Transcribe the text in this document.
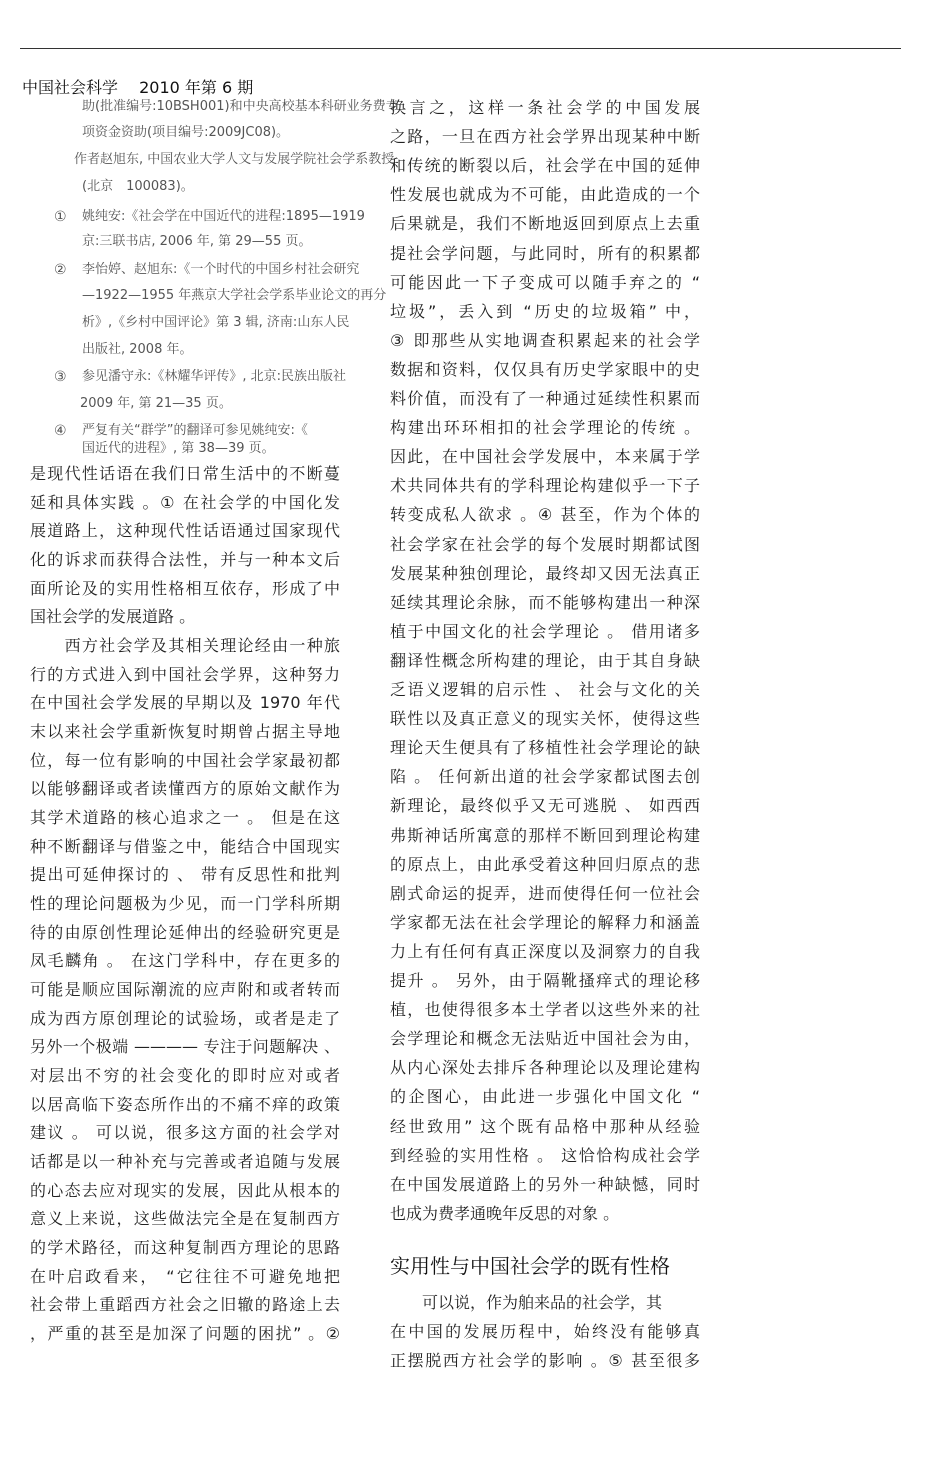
中国社会科学　 2010 年第 6 期
实用性与中国社会学的既有性格
助(批准编号:10BSH001)和中央高校基本科研业务费专
项资金资助(项目编号:2009JC08)。
作者赵旭东, 中国农业大学人文与发展学院社会学系教授
(北京　100083)。
① 姚纯安:《社会学在中国近代的进程:1895—1919
京:三联书店, 2006 年, 第 29—55 页。
② 李怡婷、赵旭东:《一个时代的中国乡村社会研究
—1922—1955 年燕京大学社会学系毕业论文的再分
析》,《乡村中国评论》第 3 辑, 济南:山东人民
出版社, 2008 年。
③ 参见潘守永:《林耀华评传》, 北京:民族出版社
2009 年, 第 21—35 页。
④ 严复有关“群学”的翻译可参见姚纯安:《
国近代的进程》, 第 38—39 页。
是现代性话语在我们日常生活中的不断蔓
延和具体实践 。① 在社会学的中国化发
展道路上，这种现代性话语通过国家现代
化的诉求而获得合法性，并与一种本文后
面所论及的实用性格相互依存，形成了中
国社会学的发展道路 。
　　西方社会学及其相关理论经由一种旅
行的方式进入到中国社会学界，这种努力
在中国社会学发展的早期以及 1970 年代
末以来社会学重新恢复时期曾占据主导地
位，每一位有影响的中国社会学家最初都
以能够翻译或者读懂西方的原始文献作为
其学术道路的核心追求之一 。 但是在这
种不断翻译与借鉴之中，能结合中国现实
提出可延伸探讨的 、 带有反思性和批判
性的理论问题极为少见，而一门学科所期
待的由原创性理论延伸出的经验研究更是
凤毛麟角 。 在这门学科中，存在更多的
可能是顺应国际潮流的应声附和或者转而
成为西方原创理论的试验场，或者是走了
另外一个极端 ———— 专注于问题解决 、
对层出不穷的社会变化的即时应对或者
以居高临下姿态所作出的不痛不痒的政策
建议 。 可以说，很多这方面的社会学对
话都是以一种补充与完善或者追随与发展
的心态去应对现实的发展，因此从根本的
意义上来说，这些做法完全是在复制西方
的学术路径，而这种复制西方理论的思路
在叶启政看来， “它往往不可避免地把
社会带上重蹈西方社会之旧辙的路途上去
，严重的甚至是加深了问题的困扰” 。②
换言之，这样一条社会学的中国发展
之路，一旦在西方社会学界出现某种中断
和传统的断裂以后，社会学在中国的延伸
性发展也就成为不可能，由此造成的一个
后果就是，我们不断地返回到原点上去重
提社会学问题，与此同时，所有的积累都
可能因此一下子变成可以随手弃之的 “
垃圾”，丢入到 “历史的垃圾箱” 中，
③ 即那些从实地调查积累起来的社会学
数据和资料，仅仅具有历史学家眼中的史
料价值，而没有了一种通过延续性积累而
构建出环环相扣的社会学理论的传统 。
因此，在中国社会学发展中，本来属于学
术共同体共有的学科理论构建似乎一下子
转变成私人欲求 。④ 甚至，作为个体的
社会学家在社会学的每个发展时期都试图
发展某种独创理论，最终却又因无法真正
延续其理论余脉，而不能够构建出一种深
植于中国文化的社会学理论 。 借用诸多
翻译性概念所构建的理论，由于其自身缺
乏语义逻辑的启示性 、 社会与文化的关
联性以及真正意义的现实关怀，使得这些
理论天生便具有了移植性社会学理论的缺
陷 。 任何新出道的社会学家都试图去创
新理论，最终似乎又无可逃脱 、 如西西
弗斯神话所寓意的那样不断回到理论构建
的原点上，由此承受着这种回归原点的悲
剧式命运的捉弄，进而使得任何一位社会
学家都无法在社会学理论的解释力和涵盖
力上有任何有真正深度以及洞察力的自我
提升 。 另外，由于隔靴搔痒式的理论移
植，也使得很多本土学者以这些外来的社
会学理论和概念无法贴近中国社会为由，
从内心深处去排斥各种理论以及理论建构
的企图心，由此进一步强化中国文化 “
经世致用” 这个既有品格中那种从经验
到经验的实用性格 。 这恰恰构成社会学
在中国发展道路上的另外一种缺憾，同时
也成为费孝通晚年反思的对象 。
　　可以说，作为舶来品的社会学，其
在中国的发展历程中，始终没有能够真
正摆脱西方社会学的影响 。⑤ 甚至很多
